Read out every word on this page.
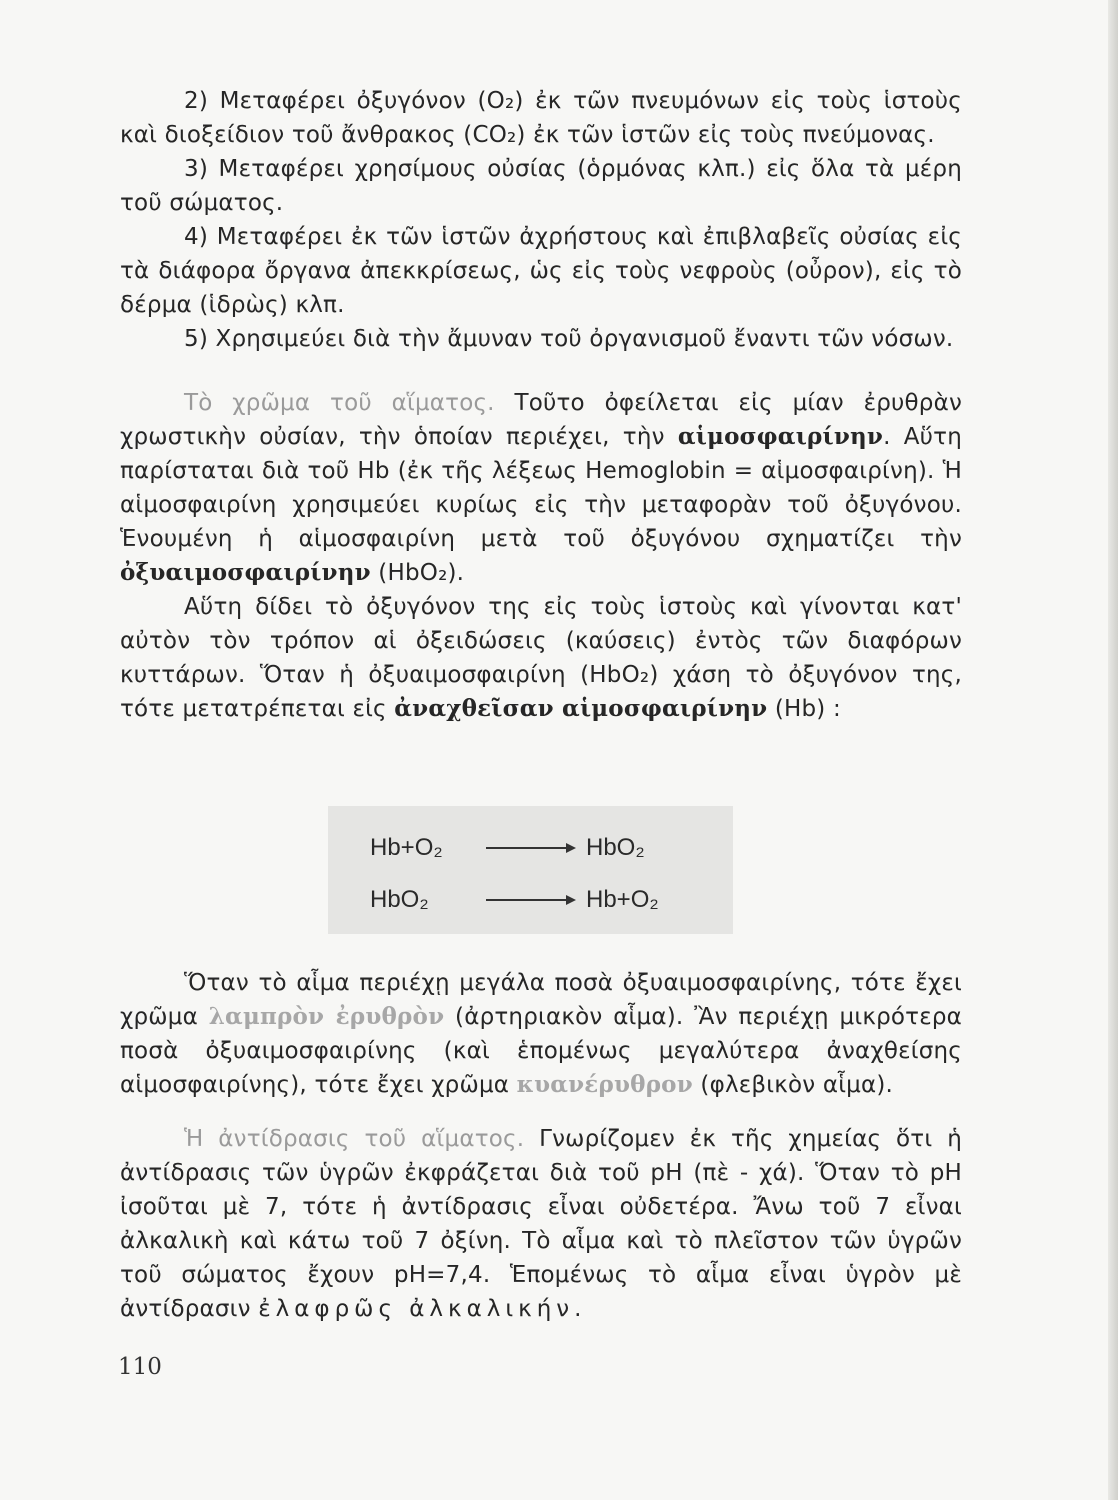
2) Μεταφέρει ὀξυγόνον (O₂) ἐκ τῶν πνευμόνων εἰς τοὺς ἱστοὺς καὶ διοξείδιον τοῦ ἄνθρακος (CO₂) ἐκ τῶν ἱστῶν εἰς τοὺς πνεύμονας.

3) Μεταφέρει χρησίμους οὐσίας (ὁρμόνας κλπ.) εἰς ὅλα τὰ μέρη τοῦ σώματος.

4) Μεταφέρει ἐκ τῶν ἱστῶν ἀχρήστους καὶ ἐπιβλαβεῖς οὐσίας εἰς τὰ διάφορα ὄργανα ἀπεκκρίσεως, ὡς εἰς τοὺς νεφροὺς (οὖρον), εἰς τὸ δέρμα (ἱδρὼς) κλπ.

5) Χρησιμεύει διὰ τὴν ἄμυναν τοῦ ὀργανισμοῦ ἔναντι τῶν νόσων.

Τὸ χρῶμα τοῦ αἵματος. Τοῦτο ὀφείλεται εἰς μίαν ἐρυθρὰν χρωστικὴν οὐσίαν, τὴν ὁποίαν περιέχει, τὴν αἱμοσφαιρίνην. Αὕτη παρίσταται διὰ τοῦ Hb (ἐκ τῆς λέξεως Hemoglobin = αἱμοσφαιρίνη). Ἡ αἱμοσφαιρίνη χρησιμεύει κυρίως εἰς τὴν μεταφορὰν τοῦ ὀξυγόνου. Ἑνουμένη ἡ αἱμοσφαιρίνη μετὰ τοῦ ὀξυγόνου σχηματίζει τὴν ὀξυαιμοσφαιρίνην (HbO₂).

Αὕτη δίδει τὸ ὀξυγόνον της εἰς τοὺς ἱστοὺς καὶ γίνονται κατ' αὐτὸν τὸν τρόπον αἱ ὀξειδώσεις (καύσεις) ἐντὸς τῶν διαφόρων κυττάρων. Ὅταν ἡ ὀξυαιμοσφαιρίνη (HbO₂) χάση τὸ ὀξυγόνον της, τότε μετατρέπεται εἰς ἀναχθεῖσαν αἱμοσφαιρίνην (Hb) :

Hb+O₂	HbO₂
HbO₂	Hb+O₂

Ὅταν τὸ αἷμα περιέχῃ μεγάλα ποσὰ ὀξυαιμοσφαιρίνης, τότε ἔχει χρῶμα λαμπρὸν ἐρυθρὸν (ἀρτηριακὸν αἷμα). Ἂν περιέχῃ μικρότερα ποσὰ ὀξυαιμοσφαιρίνης (καὶ ἑπομένως μεγαλύτερα ἀναχθείσης αἱμοσφαιρίνης), τότε ἔχει χρῶμα κυανέρυθρον (φλεβικὸν αἷμα).

Ἡ ἀντίδρασις τοῦ αἵματος. Γνωρίζομεν ἐκ τῆς χημείας ὅτι ἡ ἀντίδρασις τῶν ὑγρῶν ἐκφράζεται διὰ τοῦ pH (πὲ - χά). Ὅταν τὸ pH ἰσοῦται μὲ 7, τότε ἡ ἀντίδρασις εἶναι οὐδετέρα. Ἄνω τοῦ 7 εἶναι ἀλκαλικὴ καὶ κάτω τοῦ 7 ὀξίνη. Τὸ αἷμα καὶ τὸ πλεῖστον τῶν ὑγρῶν τοῦ σώματος ἔχουν pH=7,4. Ἑπομένως τὸ αἷμα εἶναι ὑγρὸν μὲ ἀντίδρασιν ἐλαφρῶς ἀλκαλικήν.

110
